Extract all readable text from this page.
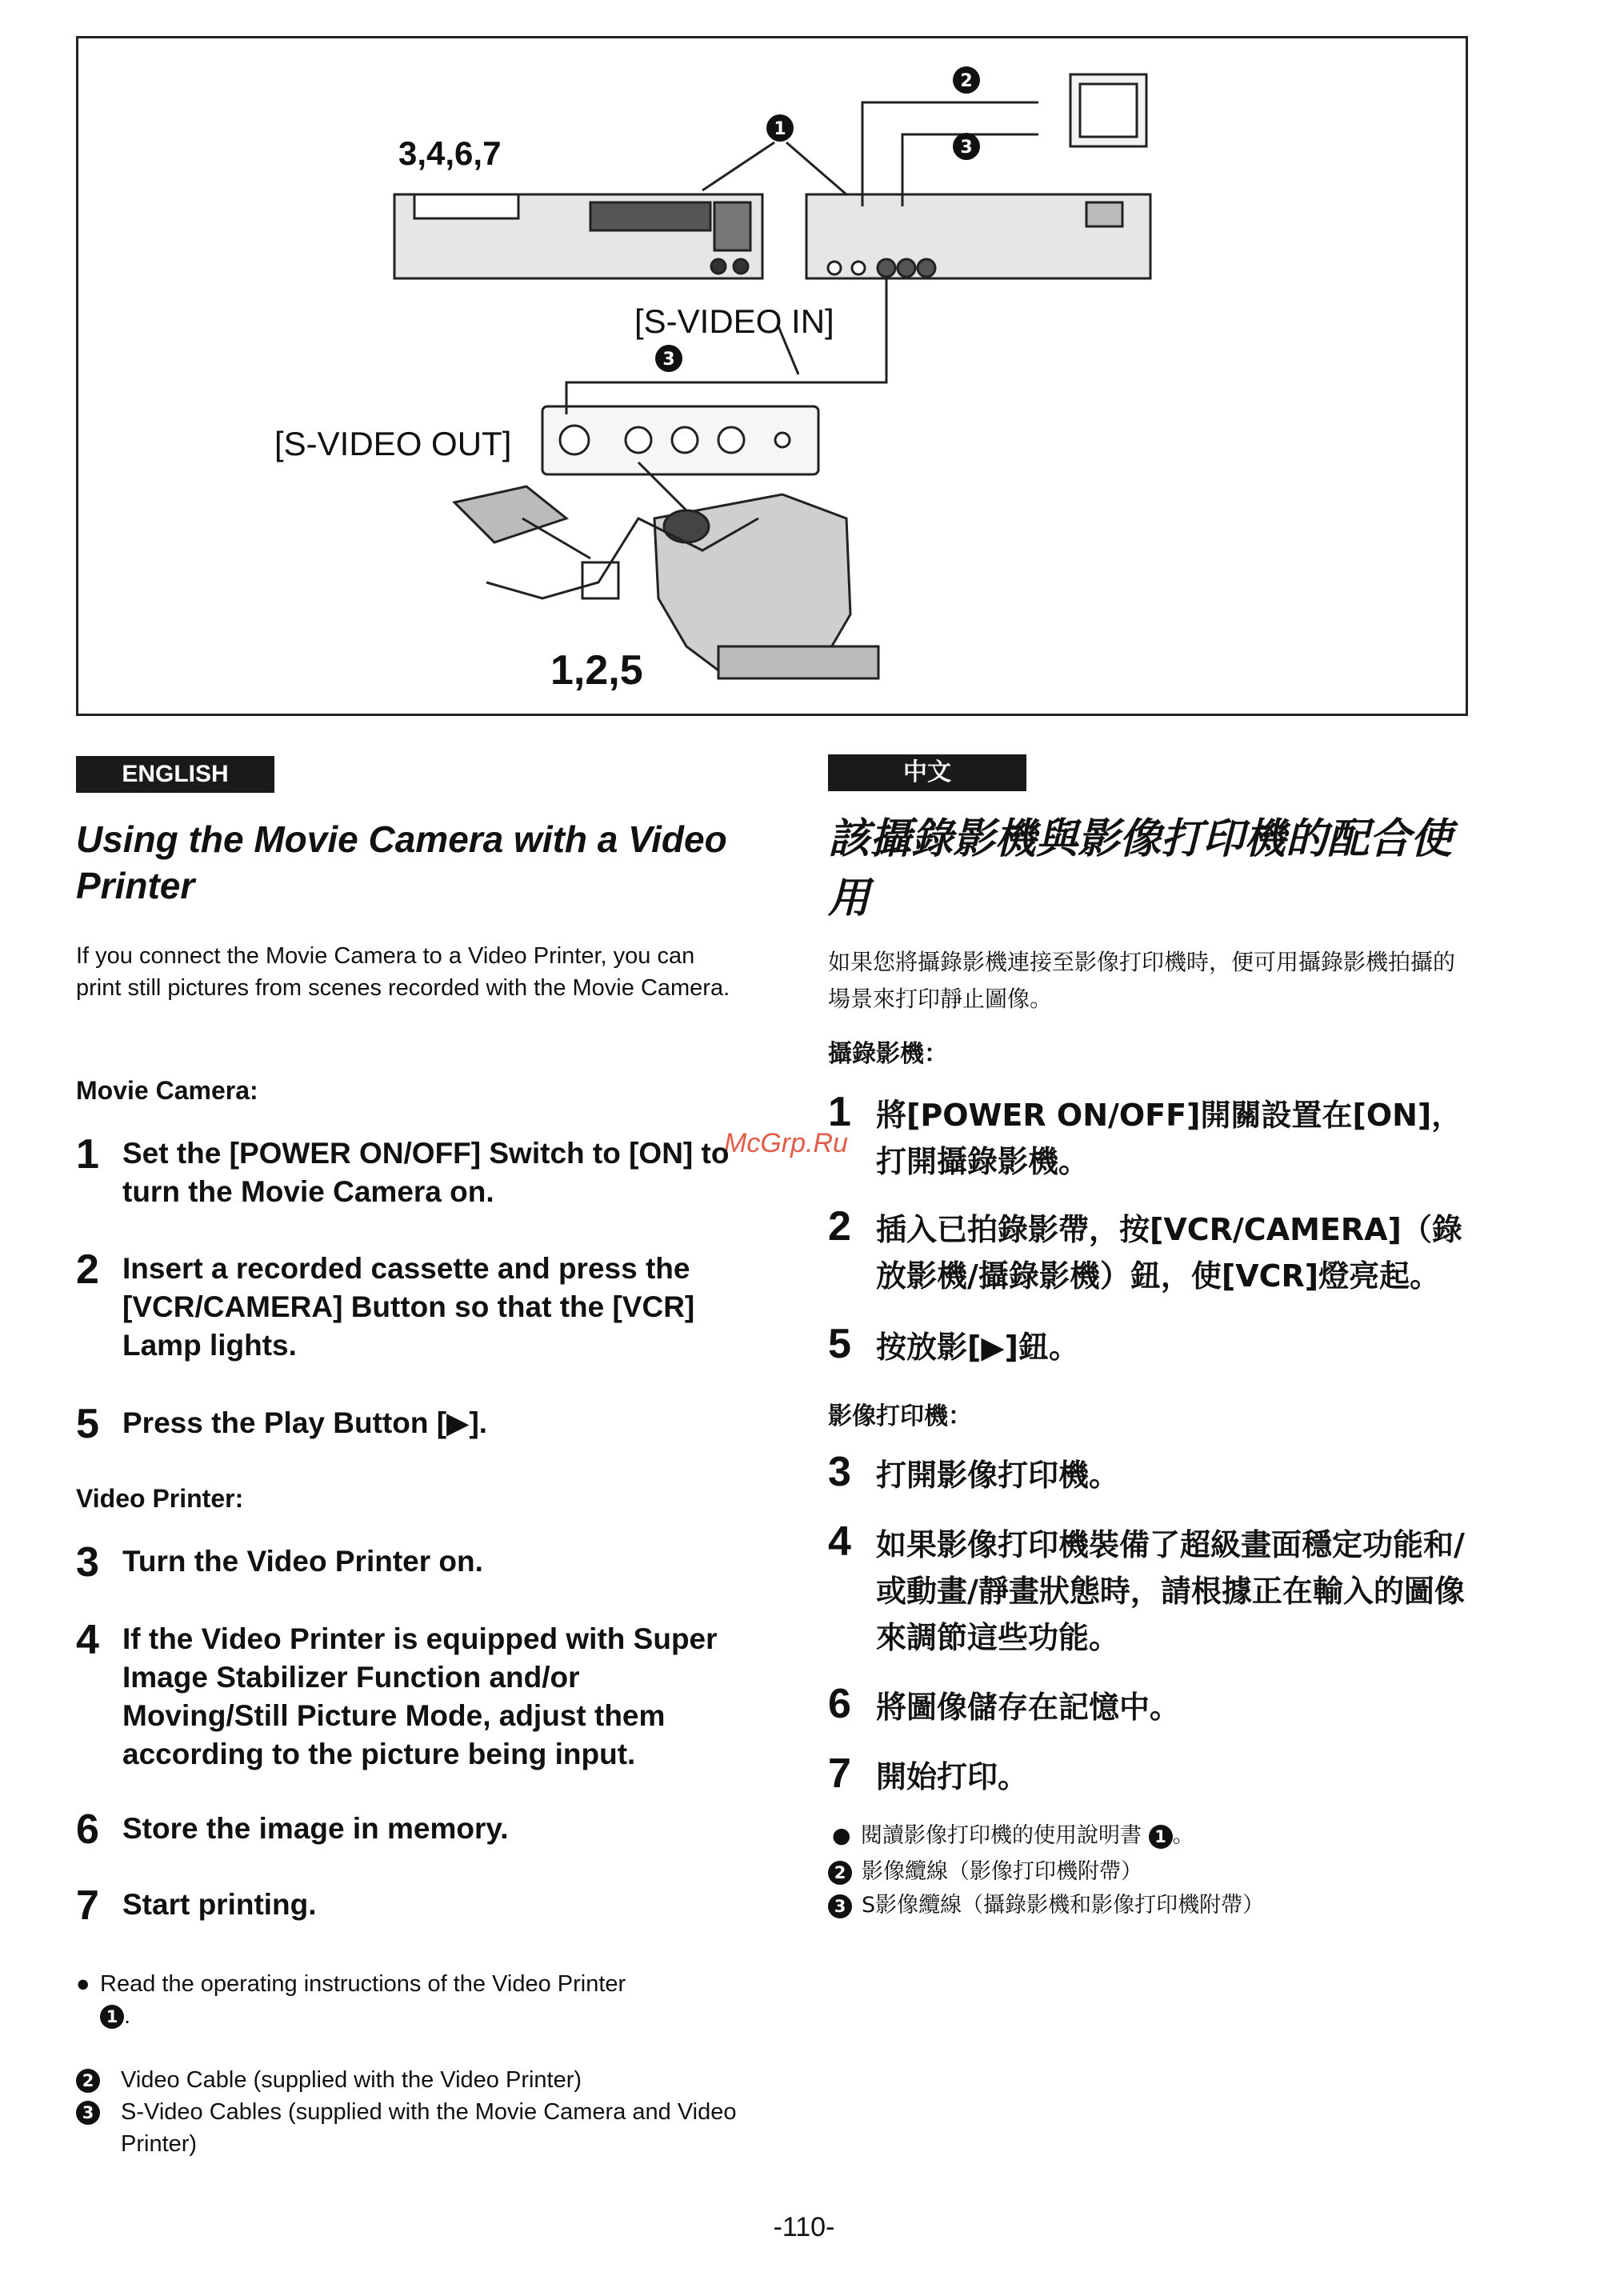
1
2
3
3
3,4,6,7
[S-VIDEO IN]
[S-VIDEO OUT]
1,2,5
ENGLISH	中文
McGrp.Ru
Using the Movie Camera with a Video Printer
If you connect the Movie Camera to a Video Printer, you can print still pictures from scenes recorded with the Movie Camera.
Movie Camera:
1 Set the [POWER ON/OFF] Switch to [ON] to turn the Movie Camera on.
2 Insert a recorded cassette and press the [VCR/CAMERA] Button so that the [VCR] Lamp lights.
5 Press the Play Button [▶].
Video Printer:
3 Turn the Video Printer on.
4 If the Video Printer is equipped with Super Image Stabilizer Function and/or Moving/Still Picture Mode, adjust them according to the picture being input.
6 Store the image in memory.
7 Start printing.
● Read the operating instructions of the Video Printer
1 .
2	Video Cable (supplied with the Video Printer)
3	S-Video Cables (supplied with the Movie Camera and Video Printer)
該攝錄影機與影像打印機的配合使用
如果您將攝錄影機連接至影像打印機時，便可用攝錄影機拍攝的場景來打印靜止圖像。
攝錄影機：
1 將[POWER ON/OFF]開關設置在[ON]，打開攝錄影機。
2 插入已拍錄影帶，按[VCR/CAMERA]（錄放影機/攝錄影機）鈕，使[VCR]燈亮起。
5 按放影[▶]鈕。
影像打印機：
3 打開影像打印機。
4 如果影像打印機裝備了超級畫面穩定功能和/或動畫/靜畫狀態時，請根據正在輸入的圖像來調節這些功能。
6 將圖像儲存在記憶中。
7 開始打印。
● 閱讀影像打印機的使用說明書 1 。
2 影像纜線（影像打印機附帶）
3 S影像纜線（攝錄影機和影像打印機附帶）
-110-
